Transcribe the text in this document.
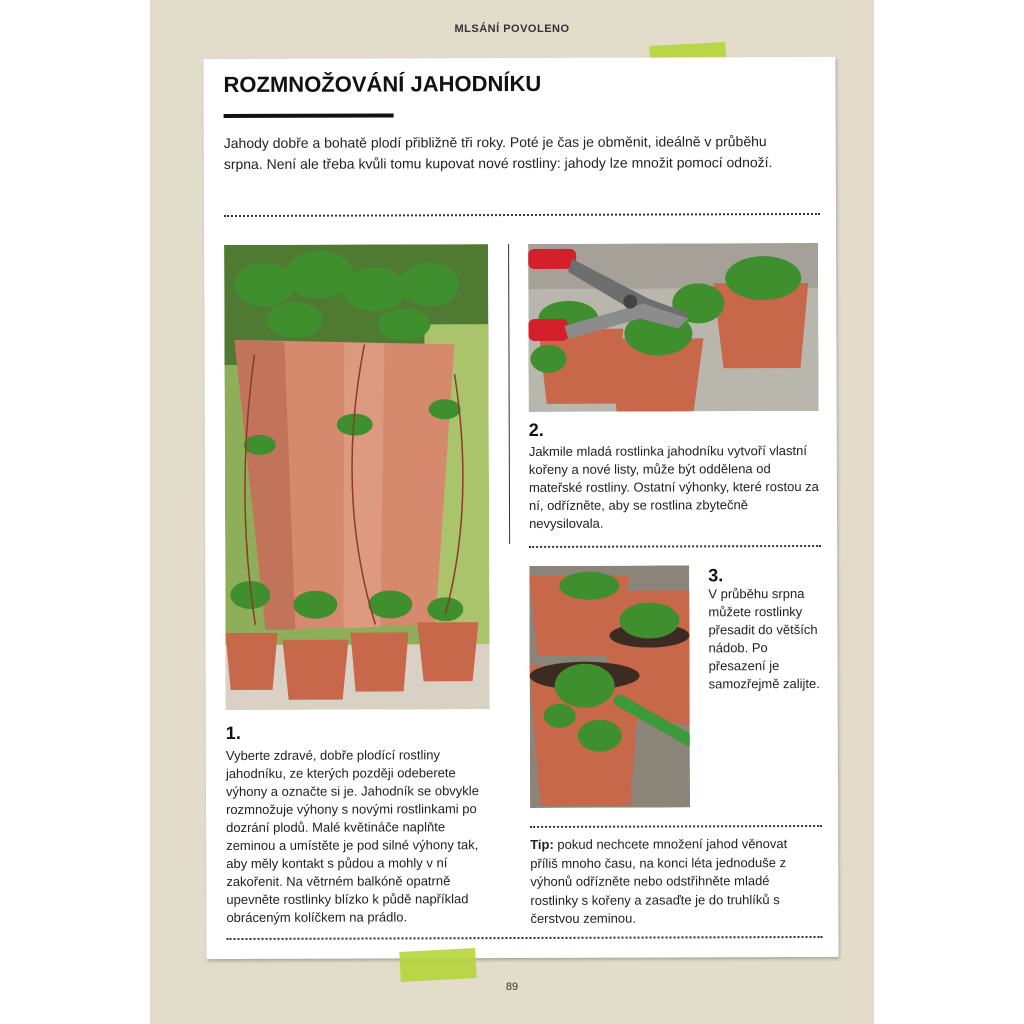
MLSÁNÍ POVOLENO
ROZMNOŽOVÁNÍ JAHODNÍKU

Jahody dobře a bohatě plodí přibližně tři roky. Poté je čas je obměnit, ideálně v průběhu srpna. Není ale třeba kvůli tomu kupovat nové rostliny: jahody lze množit pomocí odnoží.

1.

Vyberte zdravé, dobře plodící rostliny jahodníku, ze kterých později odeberete výhony a označte si je. Jahodník se obvykle rozmnožuje výhony s novými rostlinkami po dozrání plodů. Malé květináče naplňte zeminou a umístěte je pod silné výhony tak, aby měly kontakt s půdou a mohly v ní zakořenit. Na větrném balkóně opatrně upevněte rostlinky blízko k půdě například obráceným kolíčkem na prádlo.

2.

Jakmile mladá rostlinka jahodníku vytvoří vlastní kořeny a nové listy, může být oddělena od mateřské rostliny. Ostatní výhonky, které rostou za ní, odřízněte, aby se rostlina zbytečně nevysilovala.

3.

V průběhu srpna můžete rostlinky přesadit do větších nádob. Po přesazení je samozřejmě zalijte.

Tip: pokud nechcete množení jahod věnovat příliš mnoho času, na konci léta jednoduše z výhonů odřízněte nebo odstřihněte mladé rostlinky s kořeny a zasaďte je do truhlíků s čerstvou zeminou.

89
